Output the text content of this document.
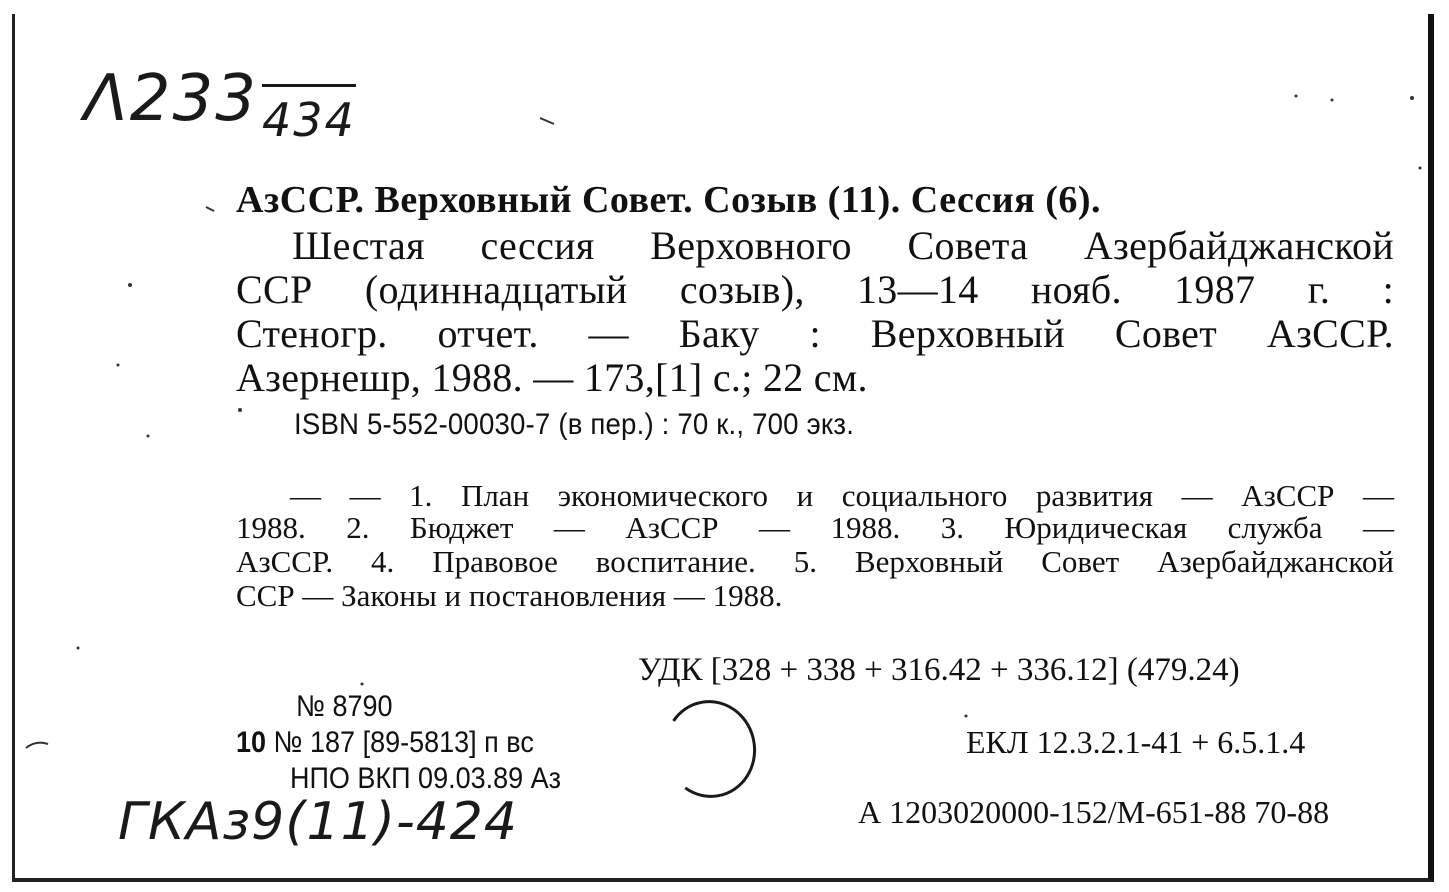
Λ233434
АзССР. Верховный Совет. Созыв (11). Сессия (6).
Шестая сессия Верховного Совета Азербайджанской
ССР (одиннадцатый созыв), 13—14 нояб. 1987 г. :
Стеногр. отчет. — Баку : Верховный Совет АзССР.
Азернешр, 1988. — 173,[1] с.; 22 см.
ISBN 5-552-00030-7 (в пер.) : 70 к., 700 экз.
— — 1. План экономического и социального развития — АзССР —
1988. 2. Бюджет — АзССР — 1988. 3. Юридическая служба —
АзССР. 4. Правовое воспитание. 5. Верховный Совет Азербайджанской
ССР — Законы и постановления — 1988.
УДК [328 + 338 + 316.42 + 336.12] (479.24)
№ 8790
10 № 187 [89-5813] п вс
НПО ВКП 09.03.89 Аз
ЕКЛ 12.3.2.1-41 + 6.5.1.4
А 1203020000-152/М-651-88 70-88
ГКАз9(11)-424
